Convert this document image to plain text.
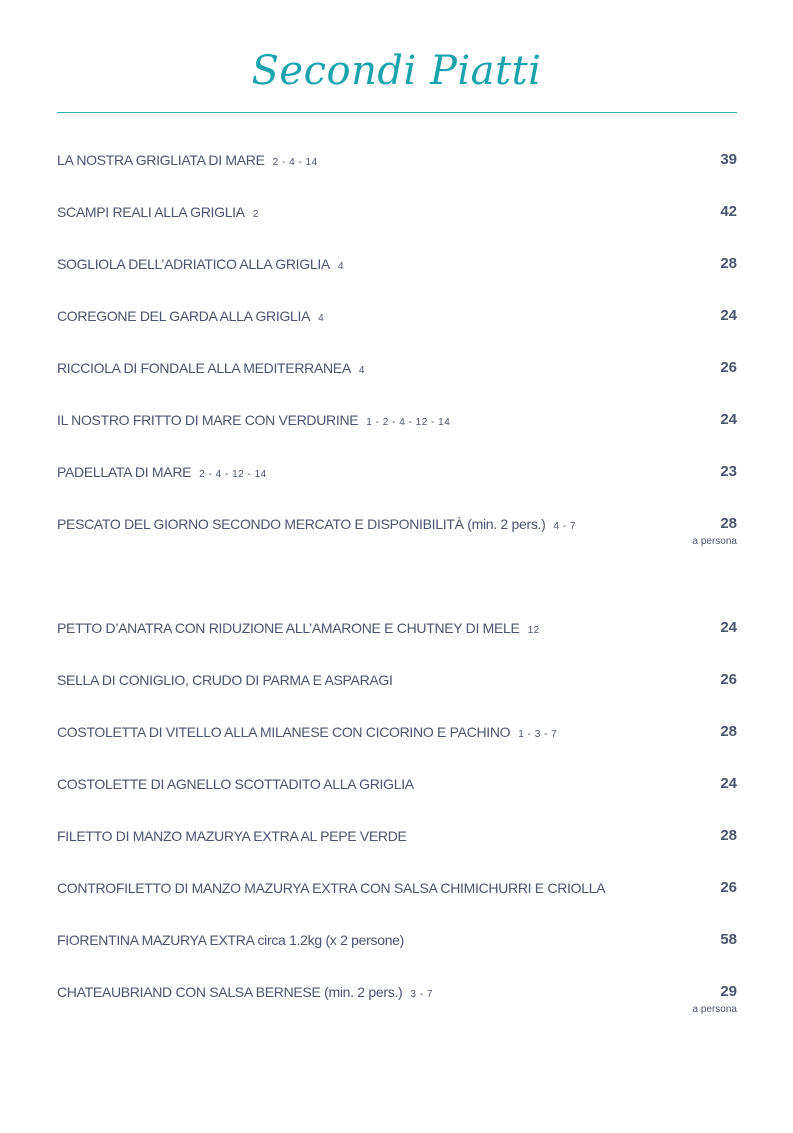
Secondi Piatti
LA NOSTRA GRIGLIATA DI MARE 2 - 4 - 14	39
SCAMPI REALI ALLA GRIGLIA 2	42
SOGLIOLA DELL’ADRIATICO ALLA GRIGLIA 4	28
COREGONE DEL GARDA ALLA GRIGLIA 4	24
RICCIOLA DI FONDALE ALLA MEDITERRANEA 4	26
IL NOSTRO FRITTO DI MARE CON VERDURINE 1 - 2 - 4 - 12 - 14	24
PADELLATA DI MARE 2 - 4 - 12 - 14	23
PESCATO DEL GIORNO SECONDO MERCATO E DISPONIBILITÀ (min. 2 pers.) 4 - 7	28
a persona
PETTO D’ANATRA CON RIDUZIONE ALL’AMARONE E CHUTNEY DI MELE 12	24
SELLA DI CONIGLIO, CRUDO DI PARMA E ASPARAGI	26
COSTOLETTA DI VITELLO ALLA MILANESE CON CICORINO E PACHINO 1 - 3 - 7	28
COSTOLETTE DI AGNELLO SCOTTADITO ALLA GRIGLIA	24
FILETTO DI MANZO MAZURYA EXTRA AL PEPE VERDE	28
CONTROFILETTO DI MANZO MAZURYA EXTRA CON SALSA CHIMICHURRI E CRIOLLA	26
FIORENTINA MAZURYA EXTRA circa 1.2kg (x 2 persone)	58
CHATEAUBRIAND CON SALSA BERNESE (min. 2 pers.) 3 - 7	29
a persona
